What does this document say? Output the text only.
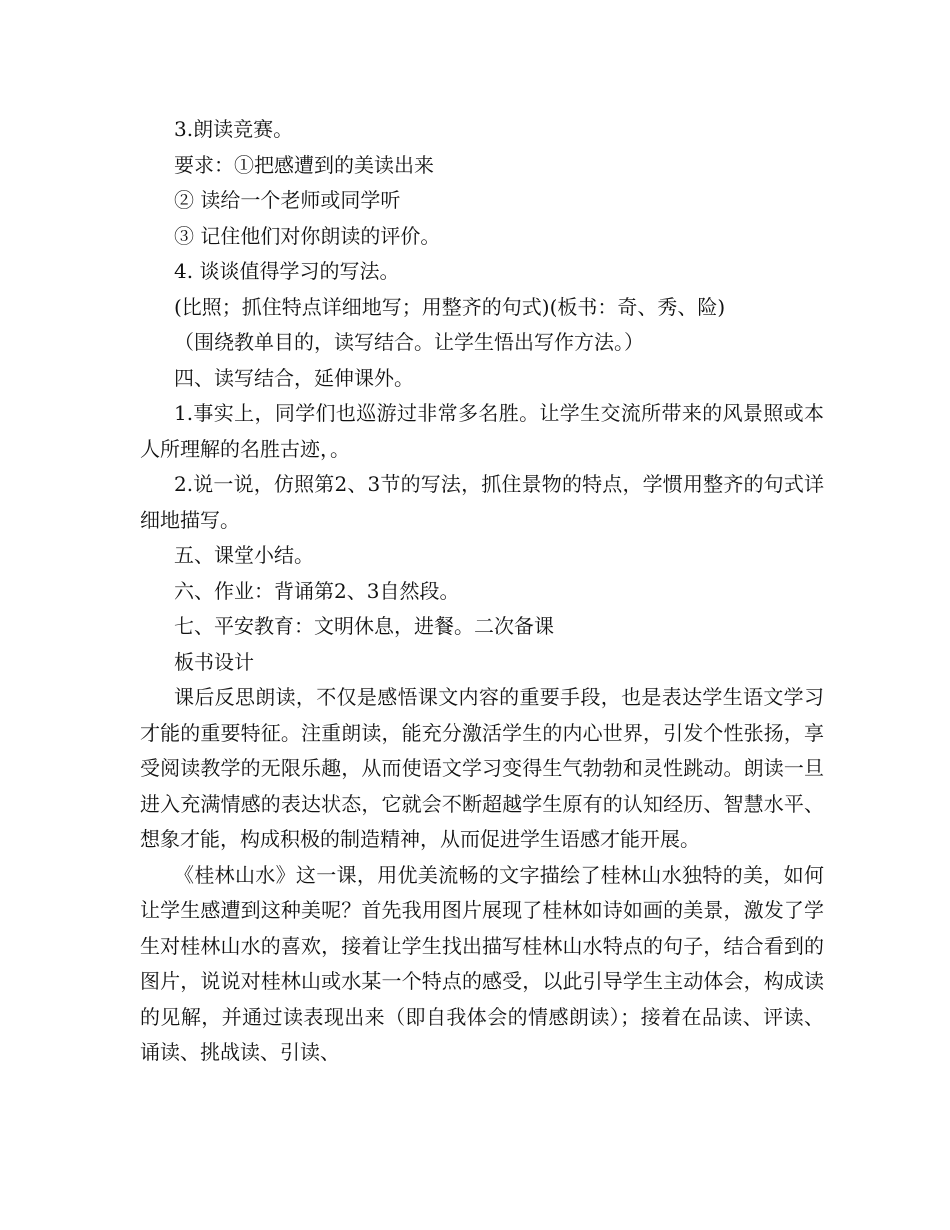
3.朗读竞赛。

要求：①把感遭到的美读出来

② 读给一个老师或同学听

③ 记住他们对你朗读的评价。

4. 谈谈值得学习的写法。

(比照；抓住特点详细地写；用整齐的句式)(板书：奇、秀、险)

（围绕教单目的，读写结合。让学生悟出写作方法。）

四、读写结合，延伸课外。

1.事实上，同学们也巡游过非常多名胜。让学生交流所带来的风景照或本人所理解的名胜古迹，。

2.说一说，仿照第2、3节的写法，抓住景物的特点，学惯用整齐的句式详细地描写。

五、课堂小结。

六、作业：背诵第2、3自然段。

七、平安教育：文明休息，进餐。二次备课

板书设计

课后反思朗读，不仅是感悟课文内容的重要手段，也是表达学生语文学习才能的重要特征。注重朗读，能充分激活学生的内心世界，引发个性张扬，享受阅读教学的无限乐趣，从而使语文学习变得生气勃勃和灵性跳动。朗读一旦进入充满情感的表达状态，它就会不断超越学生原有的认知经历、智慧水平、想象才能，构成积极的制造精神，从而促进学生语感才能开展。

《桂林山水》这一课，用优美流畅的文字描绘了桂林山水独特的美，如何让学生感遭到这种美呢？首先我用图片展现了桂林如诗如画的美景，激发了学生对桂林山水的喜欢，接着让学生找出描写桂林山水特点的句子，结合看到的图片，说说对桂林山或水某一个特点的感受，以此引导学生主动体会，构成读的见解，并通过读表现出来（即自我体会的情感朗读）；接着在品读、评读、诵读、挑战读、引读、
